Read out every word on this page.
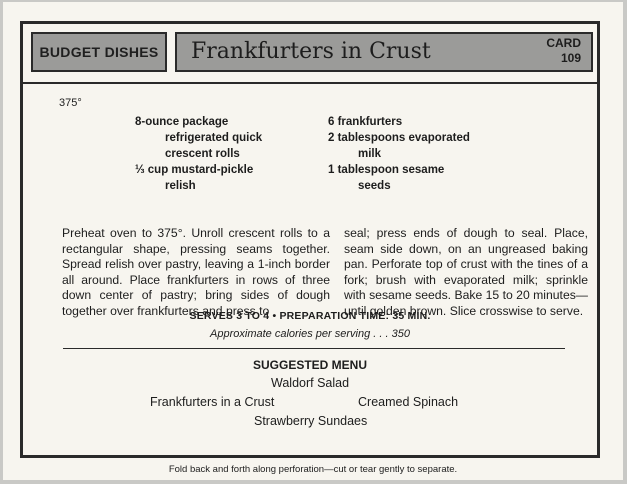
BUDGET DISHES Frankfurters in Crust	CARD
109
375°
8-ounce package
refrigerated quick
crescent rolls
⅓ cup mustard-pickle
relish
6 frankfurters
2 tablespoons evaporated
milk
1 tablespoon sesame
seeds
Preheat oven to 375°. Unroll crescent rolls to a rectangular shape, pressing seams together. Spread relish over pastry, leaving a 1-inch border all around. Place frankfurters in rows of three down center of pastry; bring sides of dough together over frankfurters and press to
seal; press ends of dough to seal. Place, seam side down, on an ungreased baking pan. Perforate top of crust with the tines of a fork; brush with evaporated milk; sprinkle with sesame seeds. Bake 15 to 20 minutes—until golden brown. Slice crosswise to serve.
SERVES 3 TO 4 • PREPARATION TIME: 35 MIN.
Approximate calories per serving . . . 350
SUGGESTED MENU
Waldorf Salad
Frankfurters in a Crust	Creamed Spinach
Strawberry Sundaes
Fold back and forth along perforation—cut or tear gently to separate.
